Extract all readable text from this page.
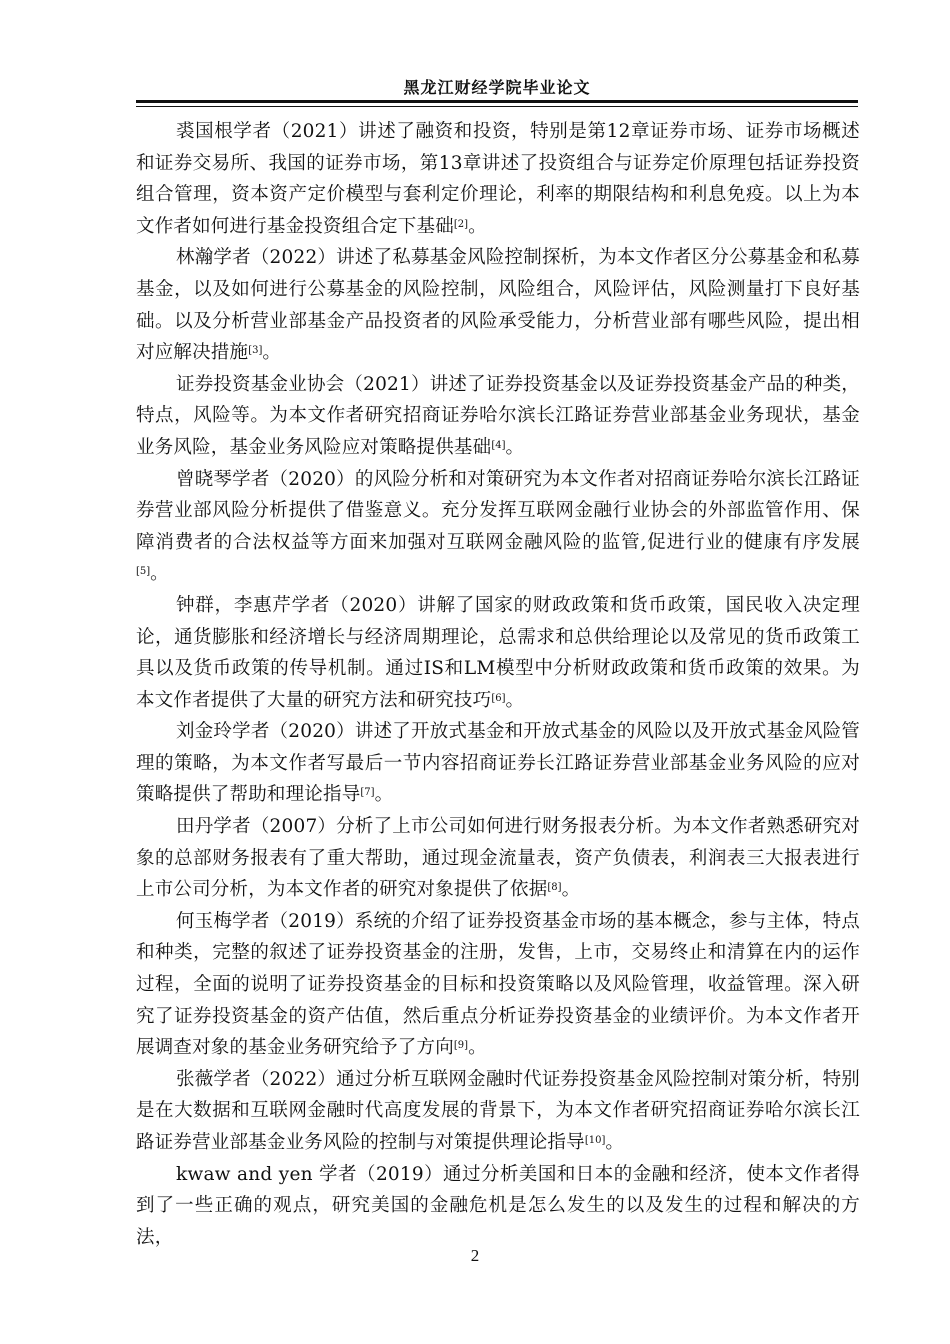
黑龙江财经学院毕业论文

裘国根学者（2021）讲述了融资和投资，特别是第12章证券市场、证券市场概述和证券交易所、我国的证券市场，第13章讲述了投资组合与证券定价原理包括证券投资组合管理，资本资产定价模型与套利定价理论，利率的期限结构和利息免疫。以上为本文作者如何进行基金投资组合定下基础[2]。

林瀚学者（2022）讲述了私募基金风险控制探析，为本文作者区分公募基金和私募基金，以及如何进行公募基金的风险控制，风险组合，风险评估，风险测量打下良好基础。以及分析营业部基金产品投资者的风险承受能力，分析营业部有哪些风险，提出相对应解决措施[3]。

证券投资基金业协会（2021）讲述了证券投资基金以及证券投资基金产品的种类，特点，风险等。为本文作者研究招商证券哈尔滨长江路证券营业部基金业务现状，基金业务风险，基金业务风险应对策略提供基础[4]。

曾晓琴学者（2020）的风险分析和对策研究为本文作者对招商证券哈尔滨长江路证券营业部风险分析提供了借鉴意义。充分发挥互联网金融行业协会的外部监管作用、保障消费者的合法权益等方面来加强对互联网金融风险的监管,促进行业的健康有序发展[5]。

钟群，李惠芹学者（2020）讲解了国家的财政政策和货币政策，国民收入决定理论，通货膨胀和经济增长与经济周期理论，总需求和总供给理论以及常见的货币政策工具以及货币政策的传导机制。通过IS和LM模型中分析财政政策和货币政策的效果。为本文作者提供了大量的研究方法和研究技巧[6]。

刘金玲学者（2020）讲述了开放式基金和开放式基金的风险以及开放式基金风险管理的策略，为本文作者写最后一节内容招商证券长江路证券营业部基金业务风险的应对策略提供了帮助和理论指导[7]。

田丹学者（2007）分析了上市公司如何进行财务报表分析。为本文作者熟悉研究对象的总部财务报表有了重大帮助，通过现金流量表，资产负债表，利润表三大报表进行上市公司分析，为本文作者的研究对象提供了依据[8]。

何玉梅学者（2019）系统的介绍了证券投资基金市场的基本概念，参与主体，特点和种类，完整的叙述了证券投资基金的注册，发售，上市，交易终止和清算在内的运作过程，全面的说明了证券投资基金的目标和投资策略以及风险管理，收益管理。深入研究了证券投资基金的资产估值，然后重点分析证券投资基金的业绩评价。为本文作者开展调查对象的基金业务研究给予了方向[9]。

张薇学者（2022）通过分析互联网金融时代证券投资基金风险控制对策分析，特别是在大数据和互联网金融时代高度发展的背景下，为本文作者研究招商证券哈尔滨长江路证券营业部基金业务风险的控制与对策提供理论指导[10]。

kwaw and yen 学者（2019）通过分析美国和日本的金融和经济，使本文作者得到了一些正确的观点，研究美国的金融危机是怎么发生的以及发生的过程和解决的方法，

2
